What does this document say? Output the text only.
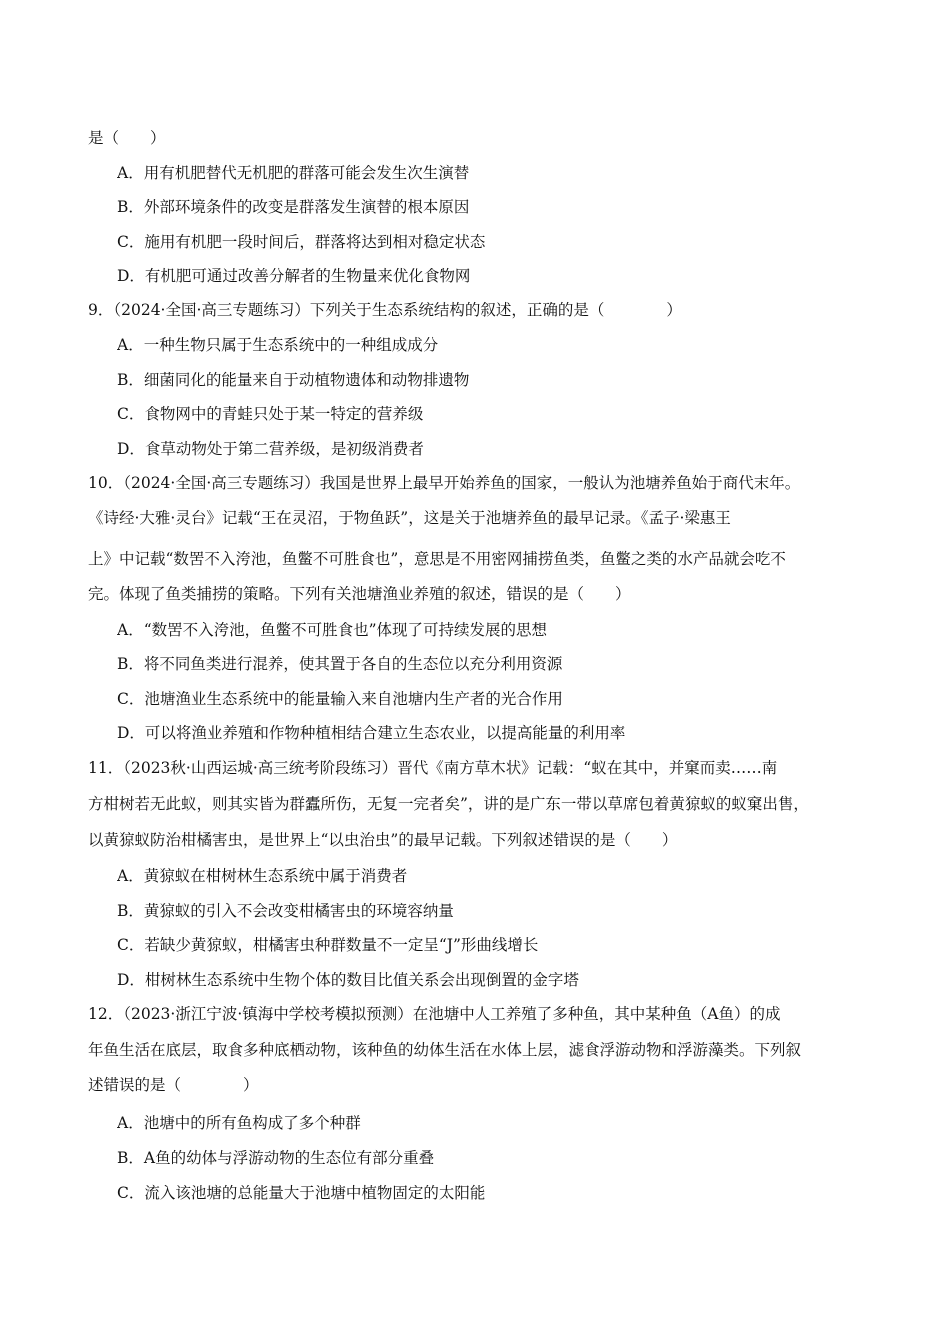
是（　　）
A．用有机肥替代无机肥的群落可能会发生次生演替
B．外部环境条件的改变是群落发生演替的根本原因
C．施用有机肥一段时间后，群落将达到相对稳定状态
D．有机肥可通过改善分解者的生物量来优化食物网
9．（2024·全国·高三专题练习）下列关于生态系统结构的叙述，正确的是（　　　　）
A．一种生物只属于生态系统中的一种组成成分
B．细菌同化的能量来自于动植物遗体和动物排遗物
C．食物网中的青蛙只处于某一特定的营养级
D．食草动物处于第二营养级，是初级消费者
10．（2024·全国·高三专题练习）我国是世界上最早开始养鱼的国家，一般认为池塘养鱼始于商代末年。
《诗经·大雅·灵台》记载“王在灵沼，于物鱼跃”，这是关于池塘养鱼的最早记录。《孟子·梁惠王
上》中记载“数罟不入洿池，鱼鳖不可胜食也”，意思是不用密网捕捞鱼类，鱼鳖之类的水产品就会吃不
完。体现了鱼类捕捞的策略。下列有关池塘渔业养殖的叙述，错误的是（　　）
A．“数罟不入洿池，鱼鳖不可胜食也”体现了可持续发展的思想
B．将不同鱼类进行混养，使其置于各自的生态位以充分利用资源
C．池塘渔业生态系统中的能量输入来自池塘内生产者的光合作用
D．可以将渔业养殖和作物种植相结合建立生态农业，以提高能量的利用率
11．（2023秋·山西运城·高三统考阶段练习）晋代《南方草木状》记载：“蚁在其中，并窠而卖……南
方柑树若无此蚁，则其实皆为群蠹所伤，无复一完者矣”，讲的是广东一带以草席包着黄猄蚁的蚁窠出售，
以黄猄蚁防治柑橘害虫，是世界上“以虫治虫”的最早记载。下列叙述错误的是（　　）
A．黄猄蚁在柑树林生态系统中属于消费者
B．黄猄蚁的引入不会改变柑橘害虫的环境容纳量
C．若缺少黄猄蚁，柑橘害虫种群数量不一定呈“J”形曲线增长
D．柑树林生态系统中生物个体的数目比值关系会出现倒置的金字塔
12．（2023·浙江宁波·镇海中学校考模拟预测）在池塘中人工养殖了多种鱼，其中某种鱼（A鱼）的成
年鱼生活在底层，取食多种底栖动物，该种鱼的幼体生活在水体上层，滤食浮游动物和浮游藻类。下列叙
述错误的是（　　　　）
A．池塘中的所有鱼构成了多个种群
B．A鱼的幼体与浮游动物的生态位有部分重叠
C．流入该池塘的总能量大于池塘中植物固定的太阳能
